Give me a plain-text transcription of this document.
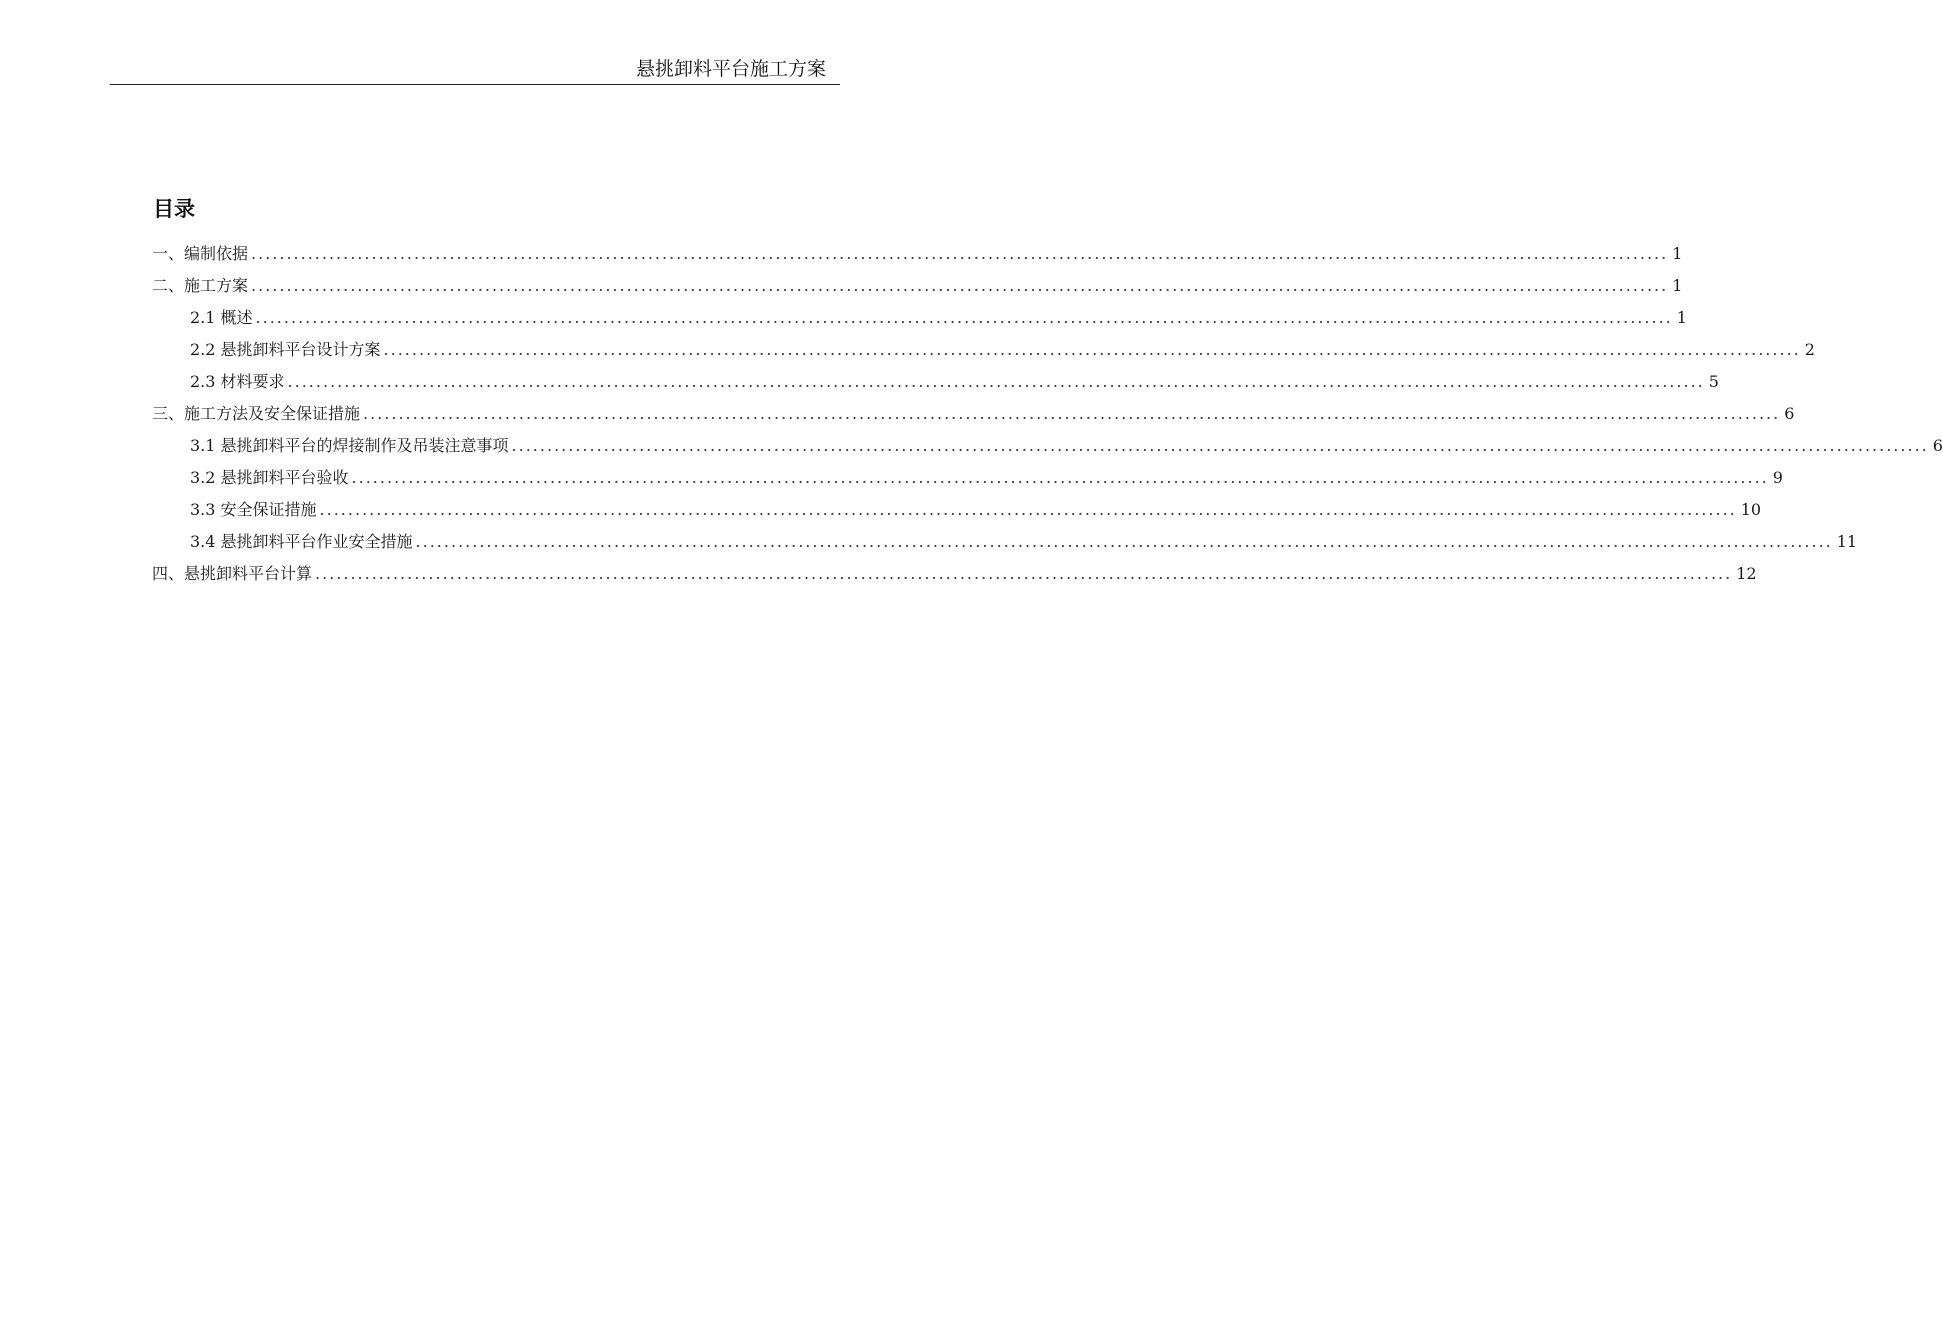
悬挑卸料平台施工方案
目录
一、编制依据 ........................................................................................................................................................................................................ 1
二、施工方案 ........................................................................................................................................................................................................ 1
2.1 概述 ........................................................................................................................................................................................................ 1
2.2 悬挑卸料平台设计方案 ........................................................................................................................................................................................................ 2
2.3 材料要求 ........................................................................................................................................................................................................ 5
三、施工方法及安全保证措施 ........................................................................................................................................................................................................ 6
3.1 悬挑卸料平台的焊接制作及吊装注意事项 ........................................................................................................................................................................................................ 6
3.2 悬挑卸料平台验收 ........................................................................................................................................................................................................ 9
3.3 安全保证措施 ........................................................................................................................................................................................................ 10
3.4 悬挑卸料平台作业安全措施 ........................................................................................................................................................................................................ 11
四、悬挑卸料平台计算 ........................................................................................................................................................................................................ 12
